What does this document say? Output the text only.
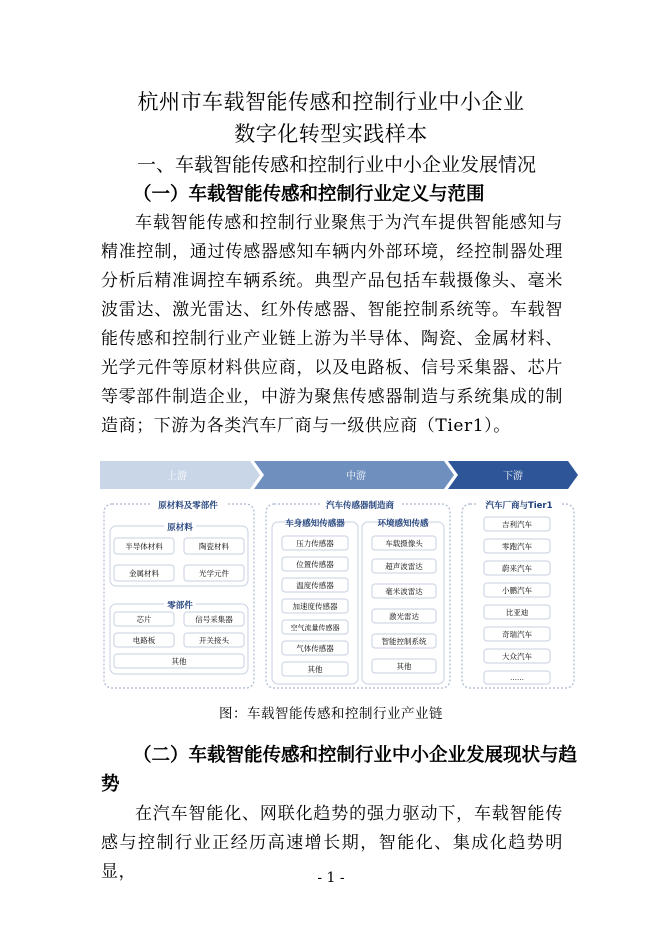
杭州市车载智能传感和控制行业中小企业
数字化转型实践样本
一、车载智能传感和控制行业中小企业发展情况
（一）车载智能传感和控制行业定义与范围
车载智能传感和控制行业聚焦于为汽车提供智能感知与精准控制，通过传感器感知车辆内外部环境，经控制器处理分析后精准调控车辆系统。典型产品包括车载摄像头、毫米波雷达、激光雷达、红外传感器、智能控制系统等。车载智能传感和控制行业产业链上游为半导体、陶瓷、金属材料、光学元件等原材料供应商，以及电路板、信号采集器、芯片等零部件制造企业，中游为聚焦传感器制造与系统集成的制造商；下游为各类汽车厂商与一级供应商（Tier1）。
上游	中游	下游
原材料及零部件
原材料
半导体材料	陶瓷材料
金属材料	光学元件
零部件
芯片	信号采集器
电路板	开关接头
其他
汽车传感器制造商
车身感知传感器
压力传感器
位置传感器
温度传感器
加速度传感器
空气流量传感器
气体传感器
其他
环境感知传感
车载摄像头
超声波雷达
毫米波雷达
激光雷达
智能控制系统
其他
汽车厂商与Tier1
吉利汽车
零跑汽车
蔚来汽车
小鹏汽车
比亚迪
奇瑞汽车
大众汽车
……
图：车载智能传感和控制行业产业链
（二）车载智能传感和控制行业中小企业发展现状与趋
势
在汽车智能化、网联化趋势的强力驱动下，车载智能传感与控制行业正经历高速增长期，智能化、集成化趋势明显，	- 1 -
